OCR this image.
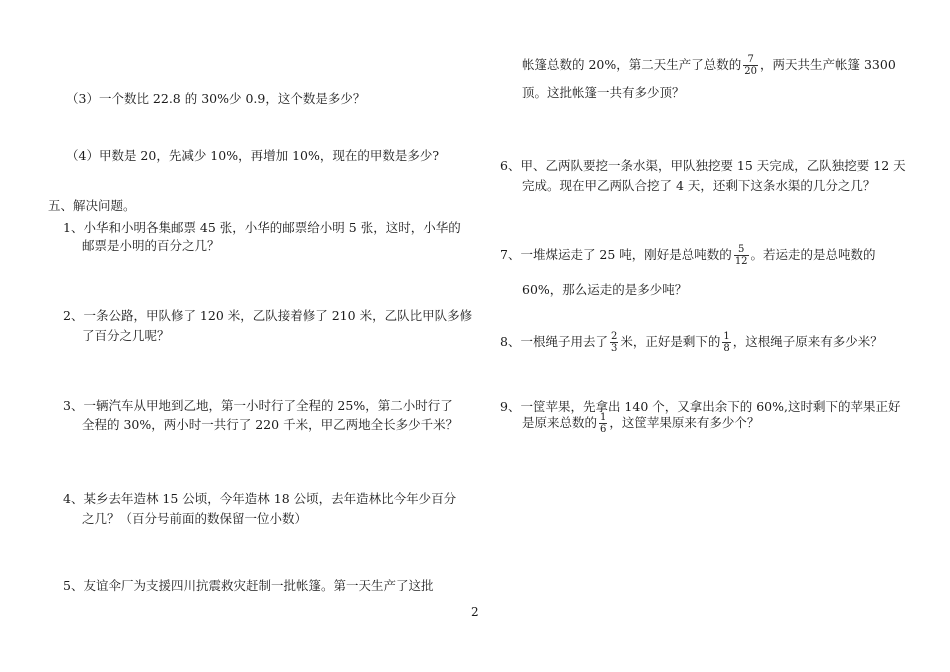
（3）一个数比 22.8 的 30%少 0.9，这个数是多少？
（4）甲数是 20，先减少 10%，再增加 10%，现在的甲数是多少?
五、解决问题。
1、小华和小明各集邮票 45 张，小华的邮票给小明 5 张，这时，小华的
邮票是小明的百分之几？
2、一条公路，甲队修了 120 米，乙队接着修了 210 米，乙队比甲队多修
了百分之几呢？
3、一辆汽车从甲地到乙地，第一小时行了全程的 25%，第二小时行了
全程的 30%，两小时一共行了 220 千米，甲乙两地全长多少千米？
4、某乡去年造林 15 公顷，今年造林 18 公顷，去年造林比今年少百分
之几？（百分号前面的数保留一位小数）
5、友谊伞厂为支援四川抗震救灾赶制一批帐篷。第一天生产了这批
帐篷总数的 20%，第二天生产了总数的 $\frac{7}{20}$ ，两天共生产帐篷 3300
顶。这批帐篷一共有多少顶？
6、甲、乙两队要挖一条水渠，甲队独挖要 15 天完成，乙队独挖要 12 天
完成。现在甲乙两队合挖了 4 天，还剩下这条水渠的几分之几？
7、一堆煤运走了 25 吨，刚好是总吨数的 $\frac{5}{12}$ 。若运走的是总吨数的
60%，那么运走的是多少吨？
8、一根绳子用去了 $\frac{2}{3}$ 米，正好是剩下的 $\frac{1}{8}$ ，这根绳子原来有多少米？
9、一筐苹果，先拿出 140 个，又拿出余下的 60%,这时剩下的苹果正好
是原来总数的 $\frac{1}{6}$ ，这筐苹果原来有多少个？
2
